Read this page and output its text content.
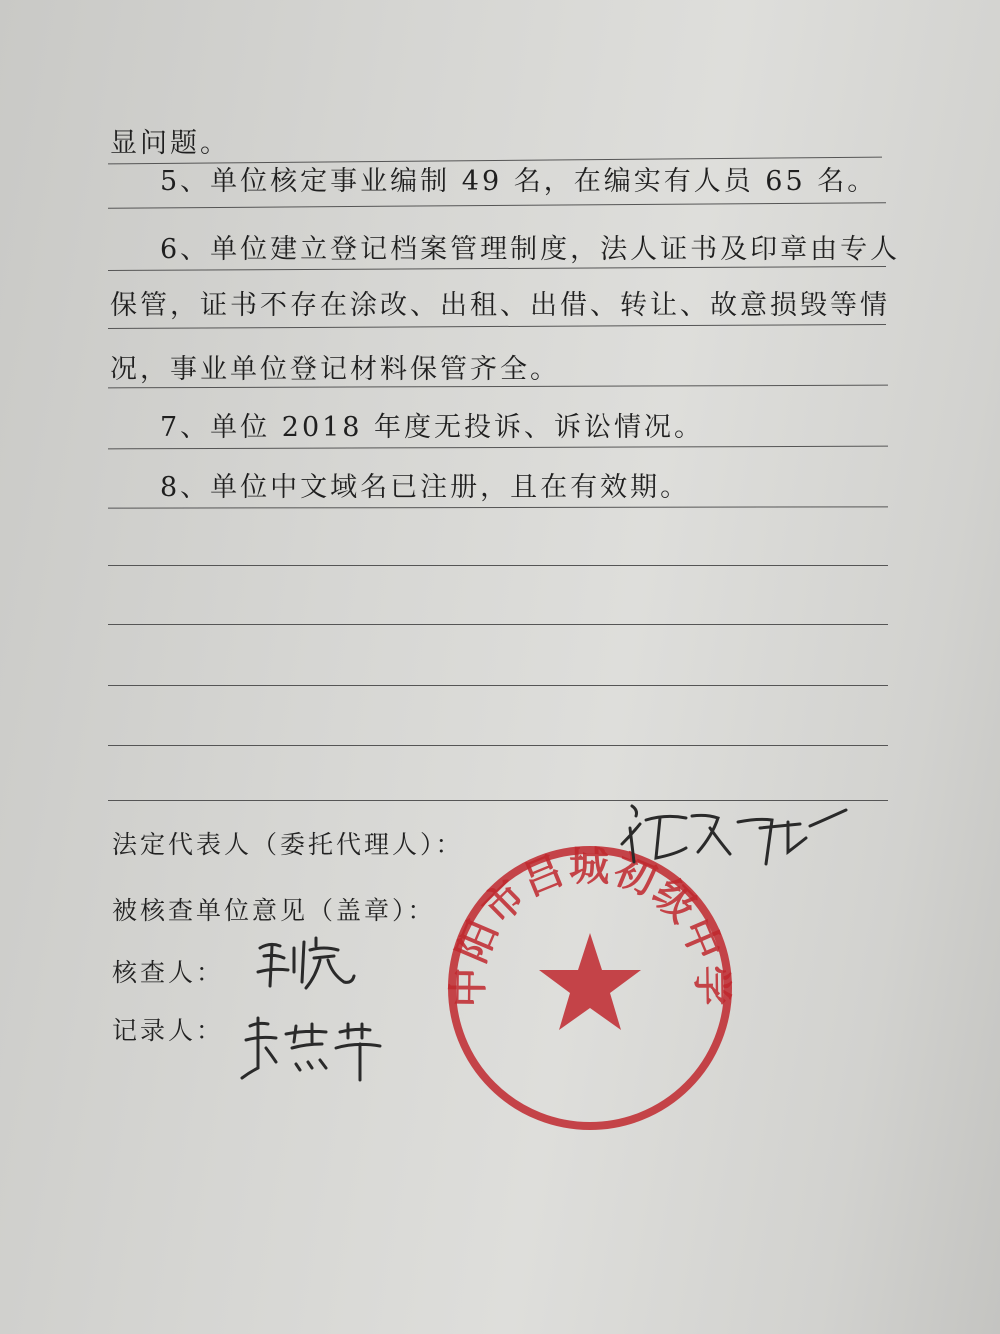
显问题。
5、单位核定事业编制 49 名，在编实有人员 65 名。
6、单位建立登记档案管理制度，法人证书及印章由专人
保管，证书不存在涂改、出租、出借、转让、故意损毁等情
况，事业单位登记材料保管齐全。
7、单位 2018 年度无投诉、诉讼情况。
8、单位中文域名已注册，且在有效期。
法定代表人（委托代理人）：
被核查单位意见（盖章）：
核查人：
记录人：
中阳市吕城初级中学
